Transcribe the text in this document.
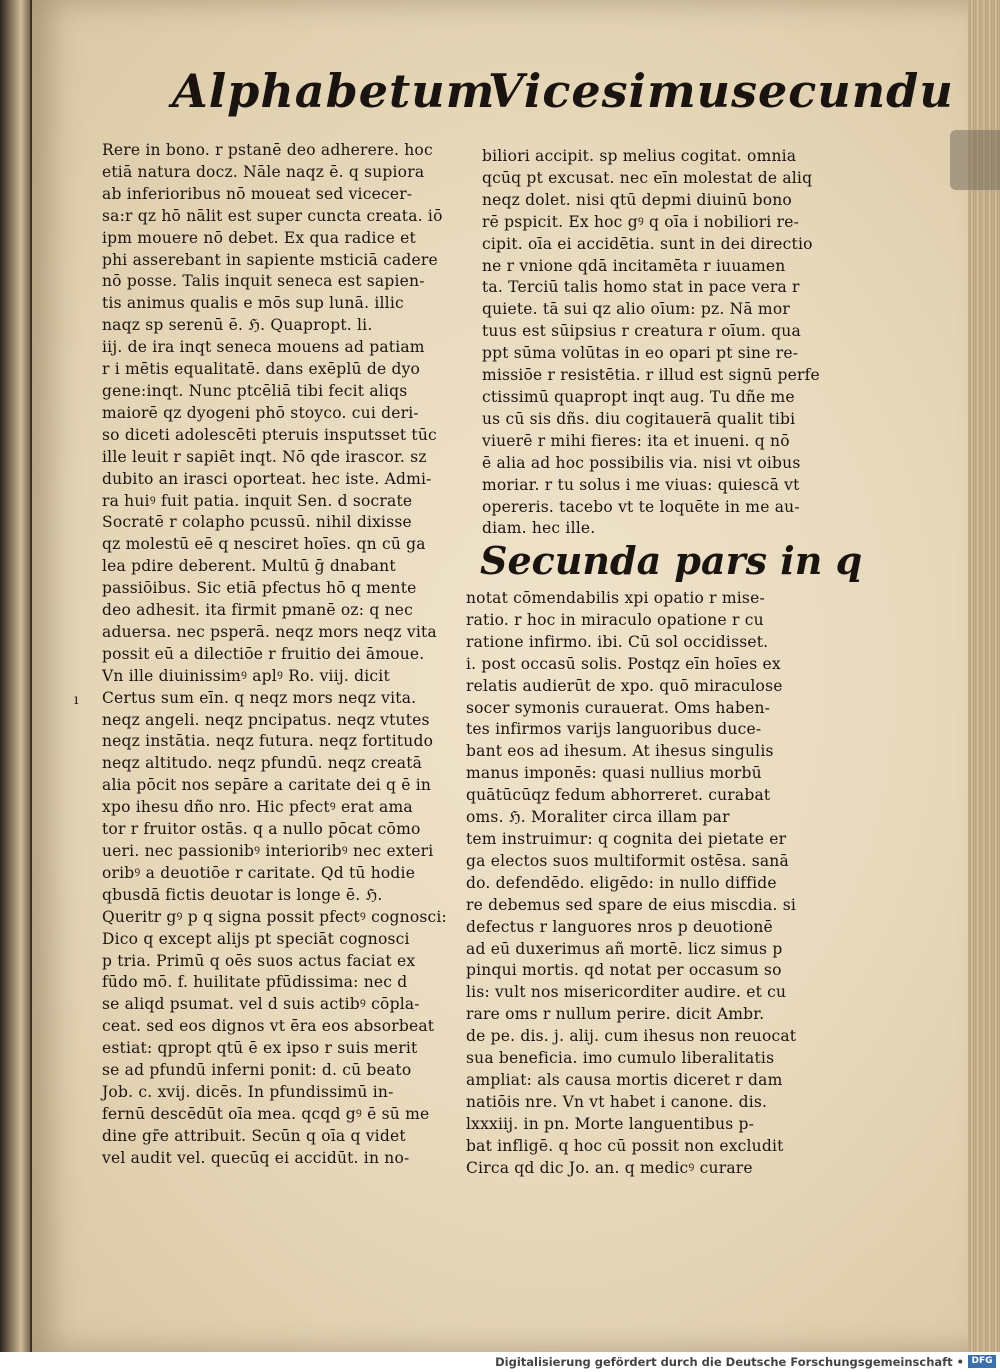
Alphabetum
Vicesimusecundu
Rere in bono. r pstanē deo adherere. hoc
etiā natura docz. Nāle naqz ē. q supiora
ab inferioribus nō moueat sed vicecer-
sa:r qz hō nālit est super cuncta creata. iō
ipm mouere nō debet. Ex qua radice et
phi asserebant in sapiente msticiā cadere
nō posse. Talis inquit seneca est sapien-
tis animus qualis e mōs sup lunā. illic
naqz sp serenū ē. ℌ. Quapropt. li.
iij. de ira inqt seneca mouens ad patiam
r i mētis equalitatē. dans exēplū de dyo
gene:inqt. Nunc ptcēliā tibi fecit aliqs
maiorē qz dyogeni phō stoyco. cui deri-
so diceti adolescēti pteruis insputsset tūc
ille leuit r sapiēt inqt. Nō qde irascor. sz
dubito an irasci oporteat. hec iste. Admi-
ra huiꝰ fuit patia. inquit Sen. d socrate
Socratē r colapho pcussū. nihil dixisse
qz molestū eē q nesciret hoīes. qn cū ga
lea pdire deberent. Multū ḡ dnabant
passiōibus. Sic etiā pfectus hō q mente
deo adhesit. ita firmit pmanē oz: q nec
aduersa. nec psperā. neqz mors neqz vita
possit eū a dilectiōe r fruitio dei āmoue.
Vn ille diuinissimꝰ aplꝰ Ro. viij. dicit
Certus sum eīn. q neqz mors neqz vita.
neqz angeli. neqz pncipatus. neqz vtutes
neqz instātia. neqz futura. neqz fortitudo
neqz altitudo. neqz pfundū. neqz creatā
alia pōcit nos sepāre a caritate dei q ē in
xpo ihesu dño nro. Hic pfectꝰ erat ama
tor r fruitor ostās. q a nullo pōcat cōmo
ueri. nec passionibꝰ interioribꝰ nec exteri
oribꝰ a deuotiōe r caritate. Qd tū hodie
qbusdā fictis deuotar is longe ē. ℌ.
Queritr gꝰ p q signa possit pfectꝰ cognosci:
Dico q except alijs pt speciāt cognosci
p tria. Primū q oēs suos actus faciat ex
fūdo mō. f. huilitate pfūdissima: nec d
se aliqd psumat. vel d suis actibꝰ cōpla-
ceat. sed eos dignos vt ēra eos absorbeat
estiat: qpropt qtū ē ex ipso r suis merit
se ad pfundū inferni ponit: d. cū beato
Job. c. xvij. dicēs. In pfundissimū in-
fernū descēdūt oīa mea. qcqd gꝰ ē sū me
dine gr̄e attribuit. Secūn q oīa q videt
vel audit vel. quecūq ei accidūt. in no-
biliori accipit. sp melius cogitat. omnia
qcūq pt excusat. nec eīn molestat de aliq
neqz dolet. nisi qtū depmi diuinū bono
rē pspicit. Ex hoc gꝰ q oīa i nobiliori re-
cipit. oīa ei accidētia. sunt in dei directio
ne r vnione qdā incitamēta r iuuamen
ta. Terciū talis homo stat in pace vera r
quiete. tā sui qz alio oīum: pz. Nā mor
tuus est sūipsius r creatura r oīum. qua
ppt sūma volūtas in eo opari pt sine re-
missiōe r resistētia. r illud est signū perfe
ctissimū quapropt inqt aug. Tu dñe me
us cū sis dñs. diu cogitauerā qualit tibi
viuerē r mihi fieres: ita et inueni. q nō
ē alia ad hoc possibilis via. nisi vt oibus
moriar. r tu solus i me viuas: quiescā vt
opereris. tacebo vt te loquēte in me au-
diam. hec ille.
Secunda pars in q
notat cōmendabilis xpi opatio r mise-
ratio. r hoc in miraculo opatione r cu
ratione infirmo. ibi. Cū sol occidisset.
i. post occasū solis. Postqz eīn hoīes ex
relatis audierūt de xpo. quō miraculose
socer symonis curauerat. Oms haben-
tes infirmos varijs languoribus duce-
bant eos ad ihesum. At ihesus singulis
manus imponēs: quasi nullius morbū
quātūcūqz fedum abhorreret. curabat
oms. ℌ. Moraliter circa illam par
tem instruimur: q cognita dei pietate er
ga electos suos multiformit ostēsa. sanā
do. defendēdo. eligēdo: in nullo diffide
re debemus sed spare de eius miscdia. si
defectus r languores nros p deuotionē
ad eū duxerimus añ mortē. licz simus p
pinqui mortis. qd notat per occasum so
lis: vult nos misericorditer audire. et cu
rare oms r nullum perire. dicit Ambr.
de pe. dis. j. alij. cum ihesus non reuocat
sua beneficia. imo cumulo liberalitatis
ampliat: als causa mortis diceret r dam
natiōis nre. Vn vt habet i canone. dis.
lxxxiij. in pn. Morte languentibus p-
bat infligē. q hoc cū possit non excludit
Circa qd dic Jo. an. q medicꝰ curare
ı
Digitalisierung gefördert durch die Deutsche Forschungsgemeinschaft • DFG
